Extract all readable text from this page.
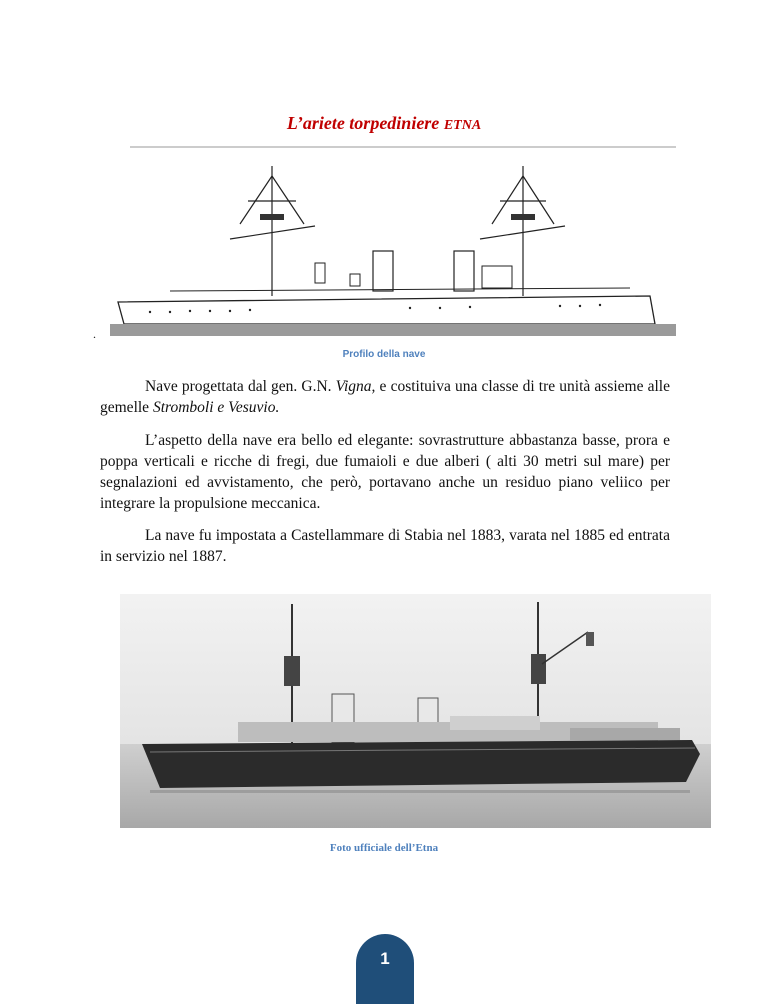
L’ariete torpediniere ETNA
.
Profilo della nave

Nave progettata dal gen. G.N. Vigna, e costituiva una classe di tre unità assieme alle gemelle Stromboli e Vesuvio.

L’aspetto della nave era bello ed elegante: sovrastrutture abbastanza basse, prora e poppa verticali e ricche di fregi, due fumaioli e due alberi ( alti 30 metri sul mare) per segnalazioni ed avvistamento, che però, portavano anche un residuo piano veliico per integrare la propulsione meccanica.

La nave fu impostata a Castellammare di Stabia nel 1883, varata nel 1885 ed entrata in servizio nel 1887.

Foto ufficiale dell’Etna
1
